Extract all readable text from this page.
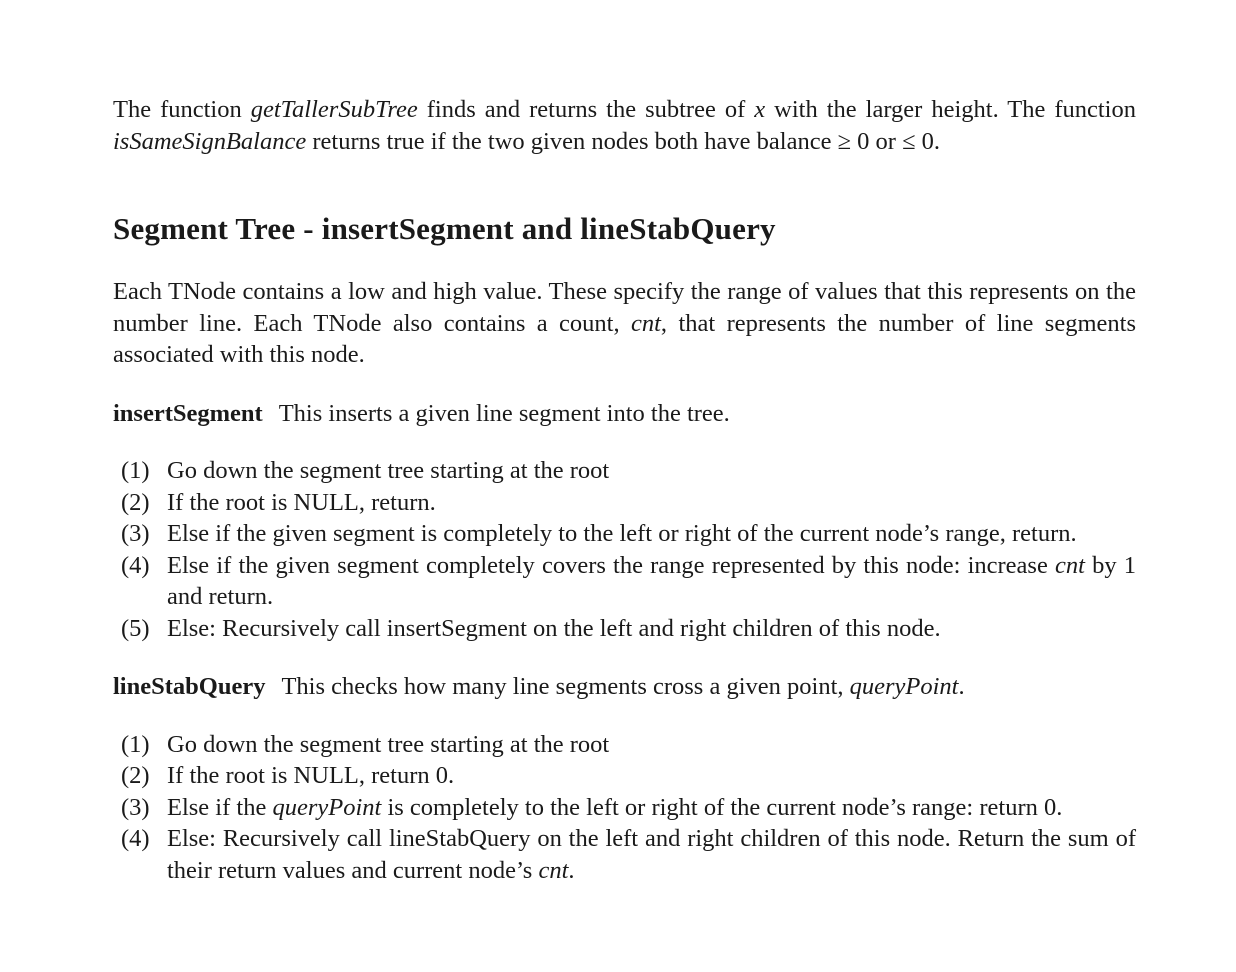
The function getTallerSubTree finds and returns the subtree of x with the larger height. The function isSameSignBalance returns true if the two given nodes both have balance ≥ 0 or ≤ 0.

Segment Tree - insertSegment and lineStabQuery

Each TNode contains a low and high value. These specify the range of values that this represents on the number line. Each TNode also contains a count, cnt, that represents the number of line segments associated with this node.

insertSegment This inserts a given line segment into the tree.

(1) Go down the segment tree starting at the root
(2) If the root is NULL, return.
(3) Else if the given segment is completely to the left or right of the current node’s range, return.
(4) Else if the given segment completely covers the range represented by this node: increase cnt by 1 and return.
(5) Else: Recursively call insertSegment on the left and right children of this node.

lineStabQuery This checks how many line segments cross a given point, queryPoint.

(1) Go down the segment tree starting at the root
(2) If the root is NULL, return 0.
(3) Else if the queryPoint is completely to the left or right of the current node’s range: return 0.
(4) Else: Recursively call lineStabQuery on the left and right children of this node. Return the sum of their return values and current node’s cnt.
